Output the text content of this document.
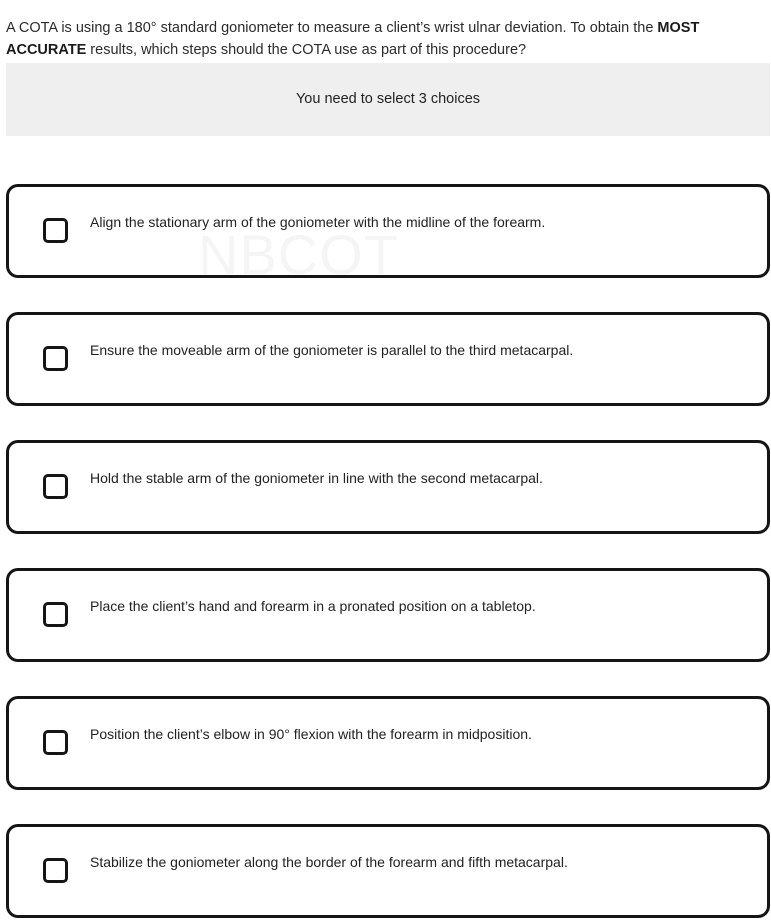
A COTA is using a 180° standard goniometer to measure a client’s wrist ulnar deviation. To obtain the MOST ACCURATE results, which steps should the COTA use as part of this procedure?
You need to select 3 choices
Align the stationary arm of the goniometer with the midline of the forearm.
Ensure the moveable arm of the goniometer is parallel to the third metacarpal.
Hold the stable arm of the goniometer in line with the second metacarpal.
Place the client’s hand and forearm in a pronated position on a tabletop.
Position the client’s elbow in 90° flexion with the forearm in midposition.
Stabilize the goniometer along the border of the forearm and fifth metacarpal.
